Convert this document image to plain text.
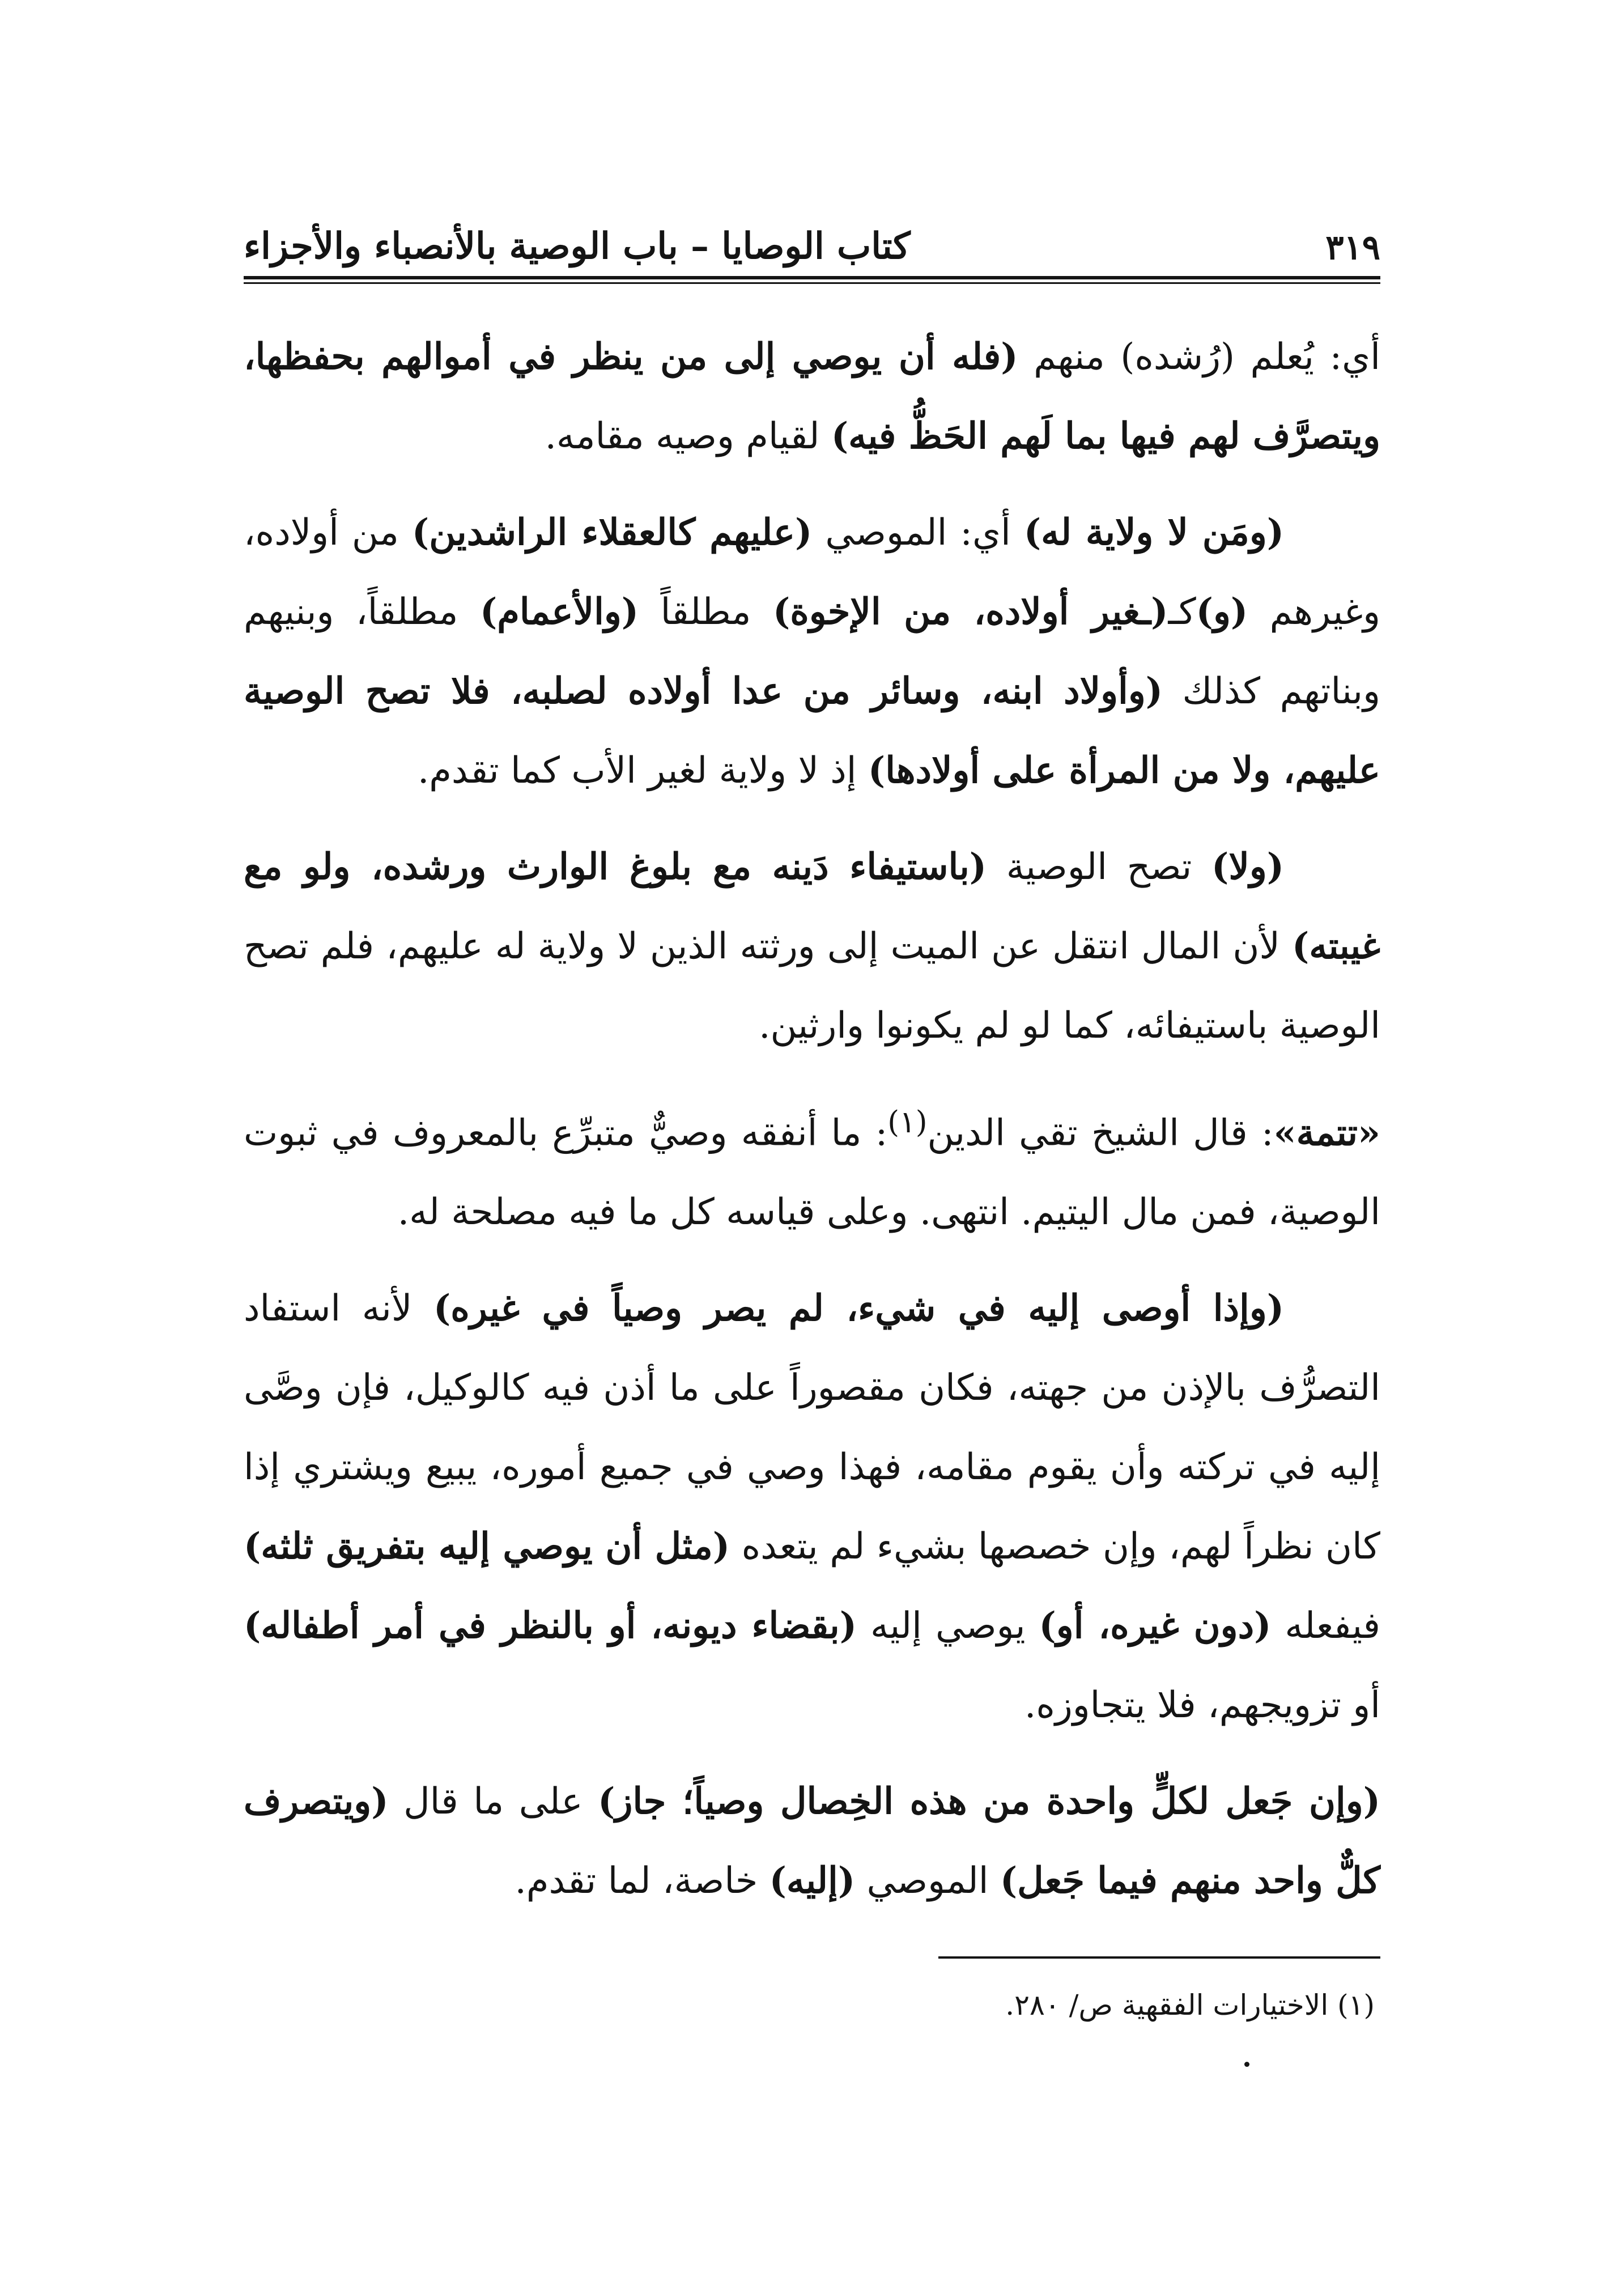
٣١٩
كتاب الوصايا – باب الوصية بالأنصباء والأجزاء

أي: يُعلم (رُشده) منهم (فله أن يوصي إلى من ينظر في أموالهم بحفظها، ويتصرَّف لهم فيها بما لَهم الحَظُّ فيه) لقيام وصيه مقامه.

(ومَن لا ولاية له) أي: الموصي (عليهم كالعقلاء الراشدين) من أولاده، وغيرهم (و)كـ(ـغير أولاده، من الإخوة) مطلقاً (والأعمام) مطلقاً، وبنيهم وبناتهم كذلك (وأولاد ابنه، وسائر من عدا أولاده لصلبه، فلا تصح الوصية عليهم، ولا من المرأة على أولادها) إذ لا ولاية لغير الأب كما تقدم.

(ولا) تصح الوصية (باستيفاء دَينه مع بلوغ الوارث ورشده، ولو مع غيبته) لأن المال انتقل عن الميت إلى ورثته الذين لا ولاية له عليهم، فلم تصح الوصية باستيفائه، كما لو لم يكونوا وارثين.

«تتمة»: قال الشيخ تقي الدين$^{(١)}$: ما أنفقه وصيٌّ متبرِّع بالمعروف في ثبوت الوصية، فمن مال اليتيم. انتهى. وعلى قياسه كل ما فيه مصلحة له.

(وإذا أوصى إليه في شيء، لم يصر وصياً في غيره) لأنه استفاد التصرُّف بالإذن من جهته، فكان مقصوراً على ما أذن فيه كالوكيل، فإن وصَّى إليه في تركته وأن يقوم مقامه، فهذا وصي في جميع أموره، يبيع ويشتري إذا كان نظراً لهم، وإن خصصها بشيء لم يتعده (مثل أن يوصي إليه بتفريق ثلثه) فيفعله (دون غيره، أو) يوصي إليه (بقضاء ديونه، أو بالنظر في أمر أطفاله) أو تزويجهم، فلا يتجاوزه.

(وإن جَعل لكلٍّ واحدة من هذه الخِصال وصياً؛ جاز) على ما قال (ويتصرف كلٌّ واحد منهم فيما جَعل) الموصي (إليه) خاصة، لما تقدم.

(١) الاختيارات الفقهية ص/ ٢٨٠.
